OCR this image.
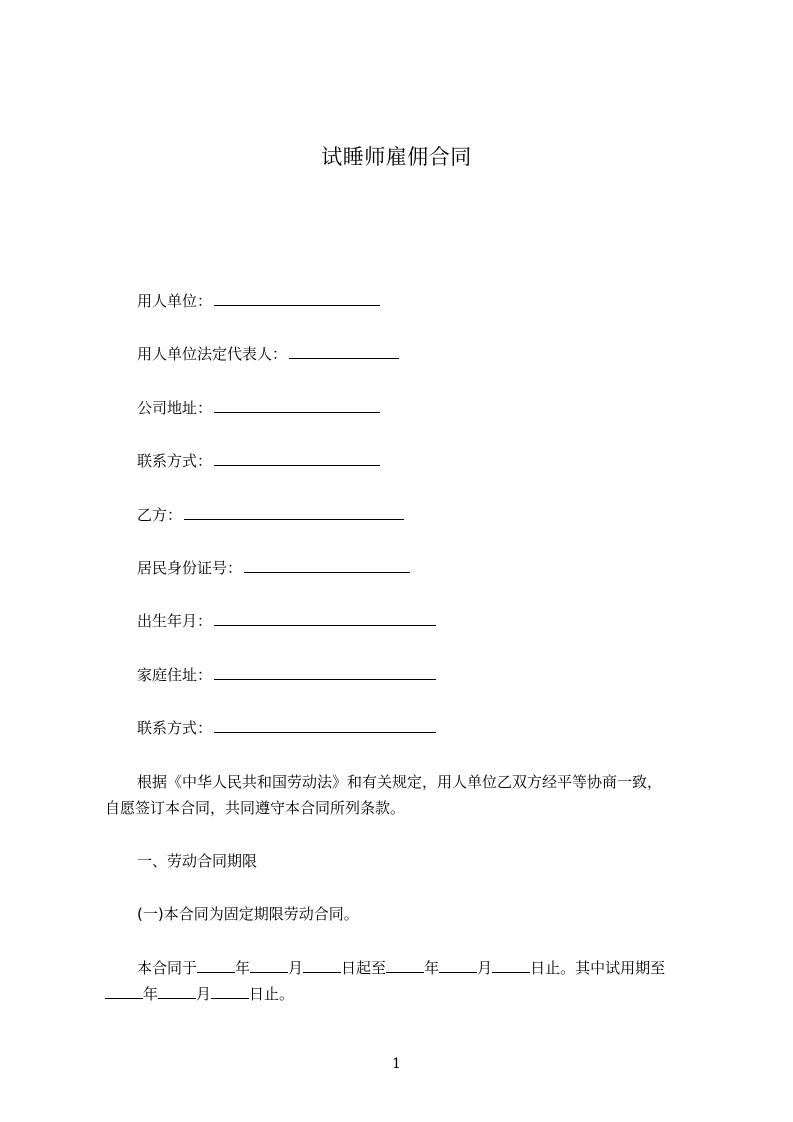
试睡师雇佣合同
用人单位：
用人单位法定代表人：
公司地址：
联系方式：
乙方：
居民身份证号：
出生年月：
家庭住址：
联系方式：
根据《中华人民共和国劳动法》和有关规定，用人单位乙双方经平等协商一致，
自愿签订本合同，共同遵守本合同所列条款。
一、劳动合同期限
(一)本合同为固定期限劳动合同。
本合同于	年	月	日起至	年	月	日止。其中试用期至
年	月	日止。
1
